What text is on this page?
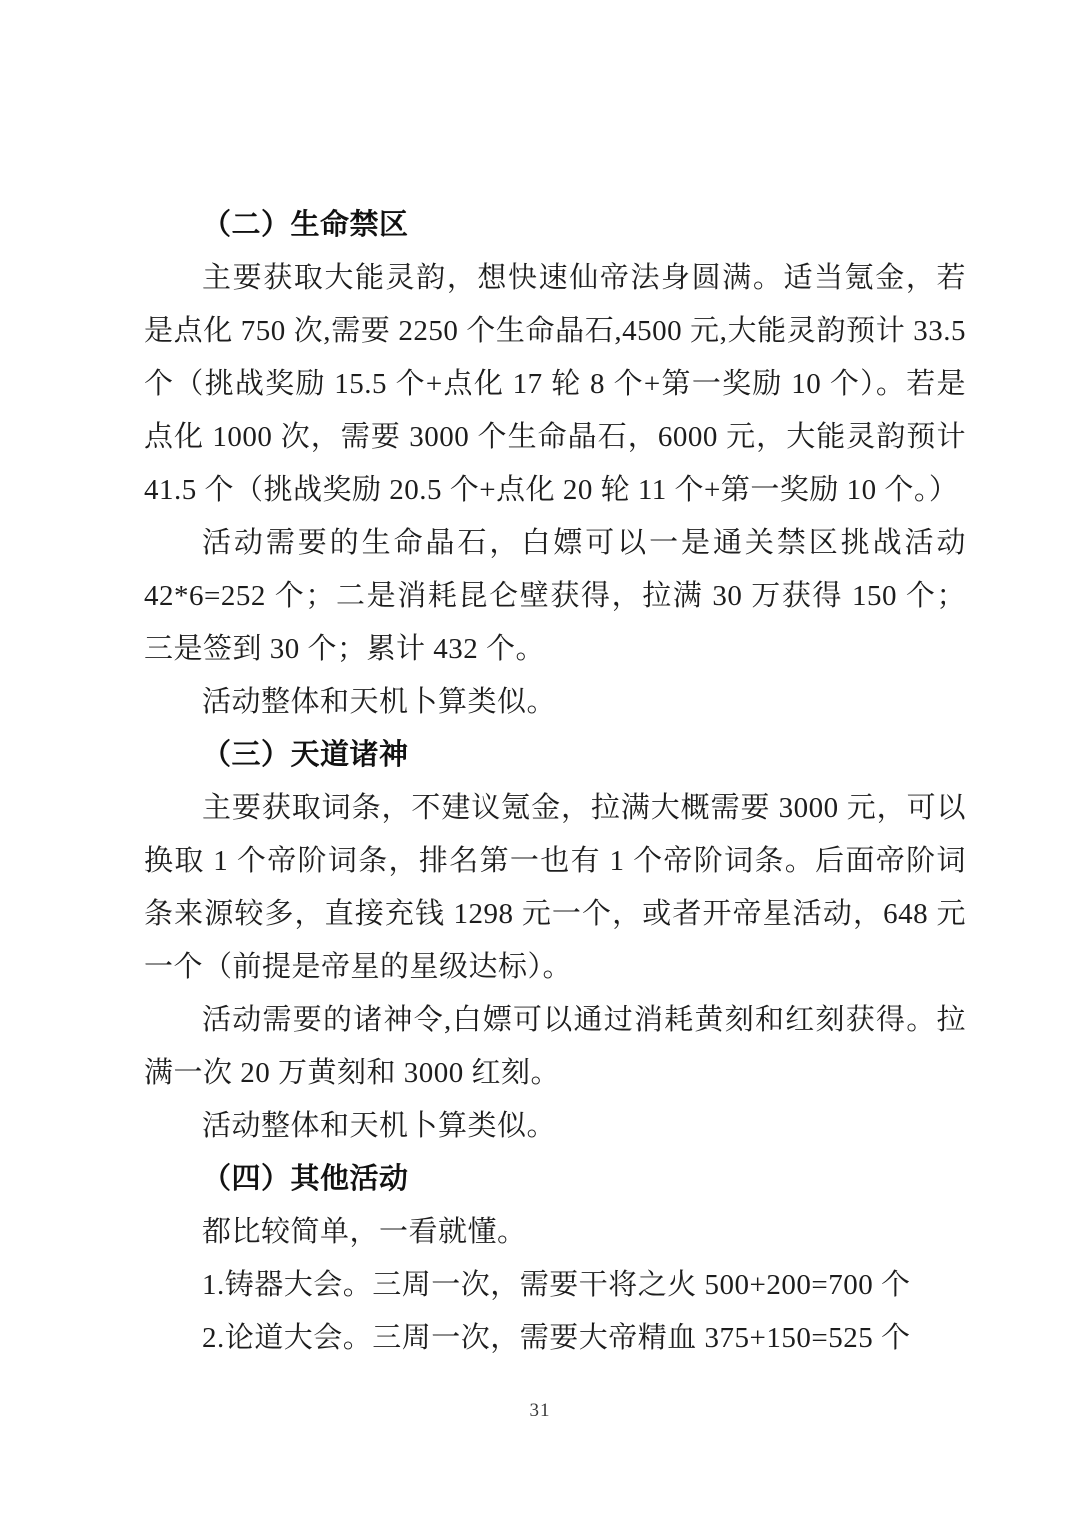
（二）生命禁区

主要获取大能灵韵，想快速仙帝法身圆满。适当氪金，若是点化 750 次,需要 2250 个生命晶石,4500 元,大能灵韵预计 33.5 个（挑战奖励 15.5 个+点化 17 轮 8 个+第一奖励 10 个）。若是点化 1000 次，需要 3000 个生命晶石，6000 元，大能灵韵预计 41.5 个（挑战奖励 20.5 个+点化 20 轮 11 个+第一奖励 10 个。）

活动需要的生命晶石，白嫖可以一是通关禁区挑战活动 42*6=252 个；二是消耗昆仑壁获得，拉满 30 万获得 150 个；三是签到 30 个；累计 432 个。

活动整体和天机卜算类似。

（三）天道诸神

主要获取词条，不建议氪金，拉满大概需要 3000 元，可以换取 1 个帝阶词条，排名第一也有 1 个帝阶词条。后面帝阶词条来源较多，直接充钱 1298 元一个，或者开帝星活动，648 元一个（前提是帝星的星级达标）。

活动需要的诸神令,白嫖可以通过消耗黄刻和红刻获得。拉满一次 20 万黄刻和 3000 红刻。

活动整体和天机卜算类似。

（四）其他活动

都比较简单，一看就懂。

1.铸器大会。三周一次，需要干将之火 500+200=700 个

2.论道大会。三周一次，需要大帝精血 375+150=525 个

31
